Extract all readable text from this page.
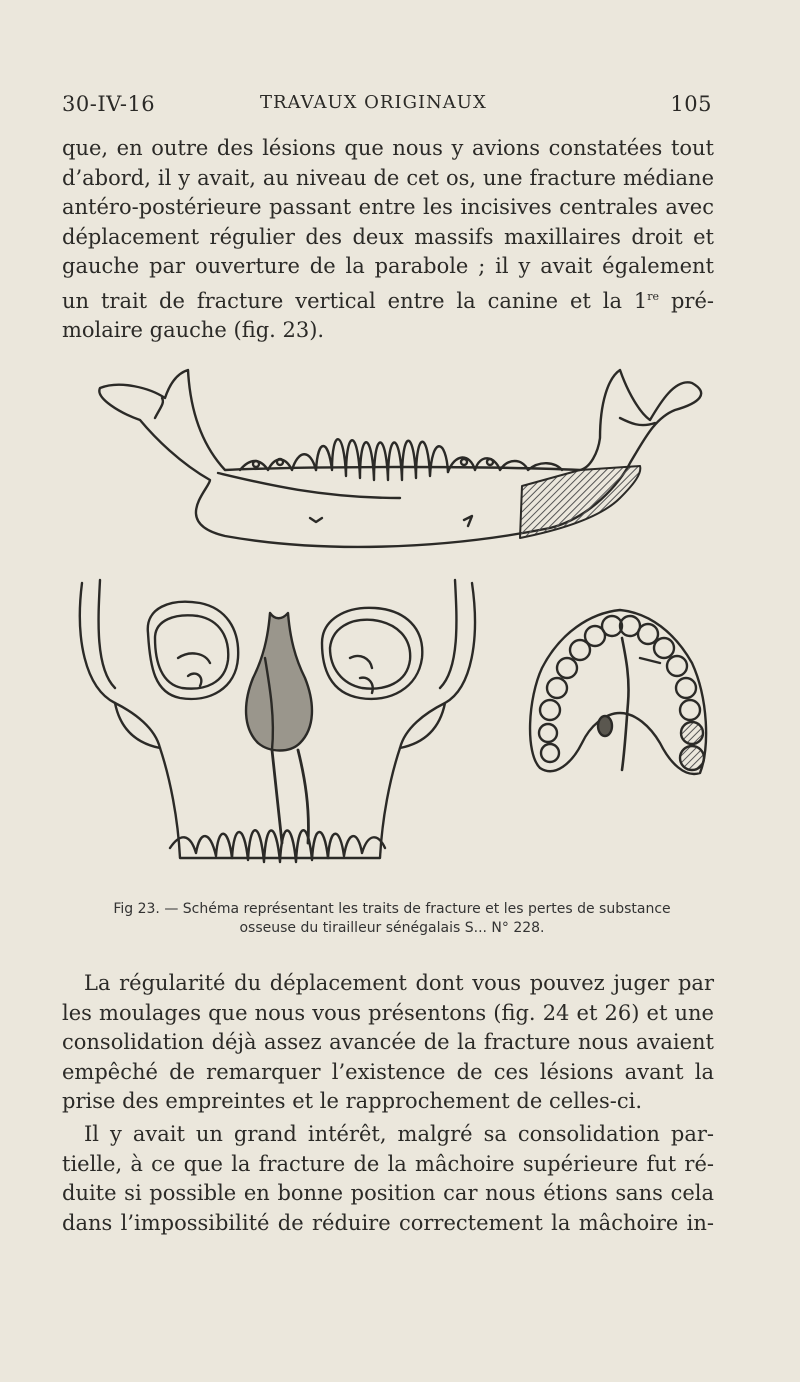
30-IV-16	TRAVAUX ORIGINAUX	105
que, en outre des lésions que nous y avions constatées tout
d’abord, il y avait, au niveau de cet os, une fracture médiane
antéro-postérieure passant entre les incisives centrales avec
déplacement régulier des deux massifs maxillaires droit et
gauche par ouverture de la parabole ; il y avait également
un trait de fracture vertical entre la canine et la 1re pré-
molaire gauche (fig. 23).
Fig 23. — Schéma représentant les traits de fracture et les pertes de substance
osseuse du tirailleur sénégalais S... N° 228.
La régularité du déplacement dont vous pouvez juger par
les moulages que nous vous présentons (fig. 24 et 26) et une
consolidation déjà assez avancée de la fracture nous avaient
empêché de remarquer l’existence de ces lésions avant la
prise des empreintes et le rapprochement de celles-ci.
Il y avait un grand intérêt, malgré sa consolidation par-
tielle, à ce que la fracture de la mâchoire supérieure fut ré-
duite si possible en bonne position car nous étions sans cela
dans l’impossibilité de réduire correctement la mâchoire in-
